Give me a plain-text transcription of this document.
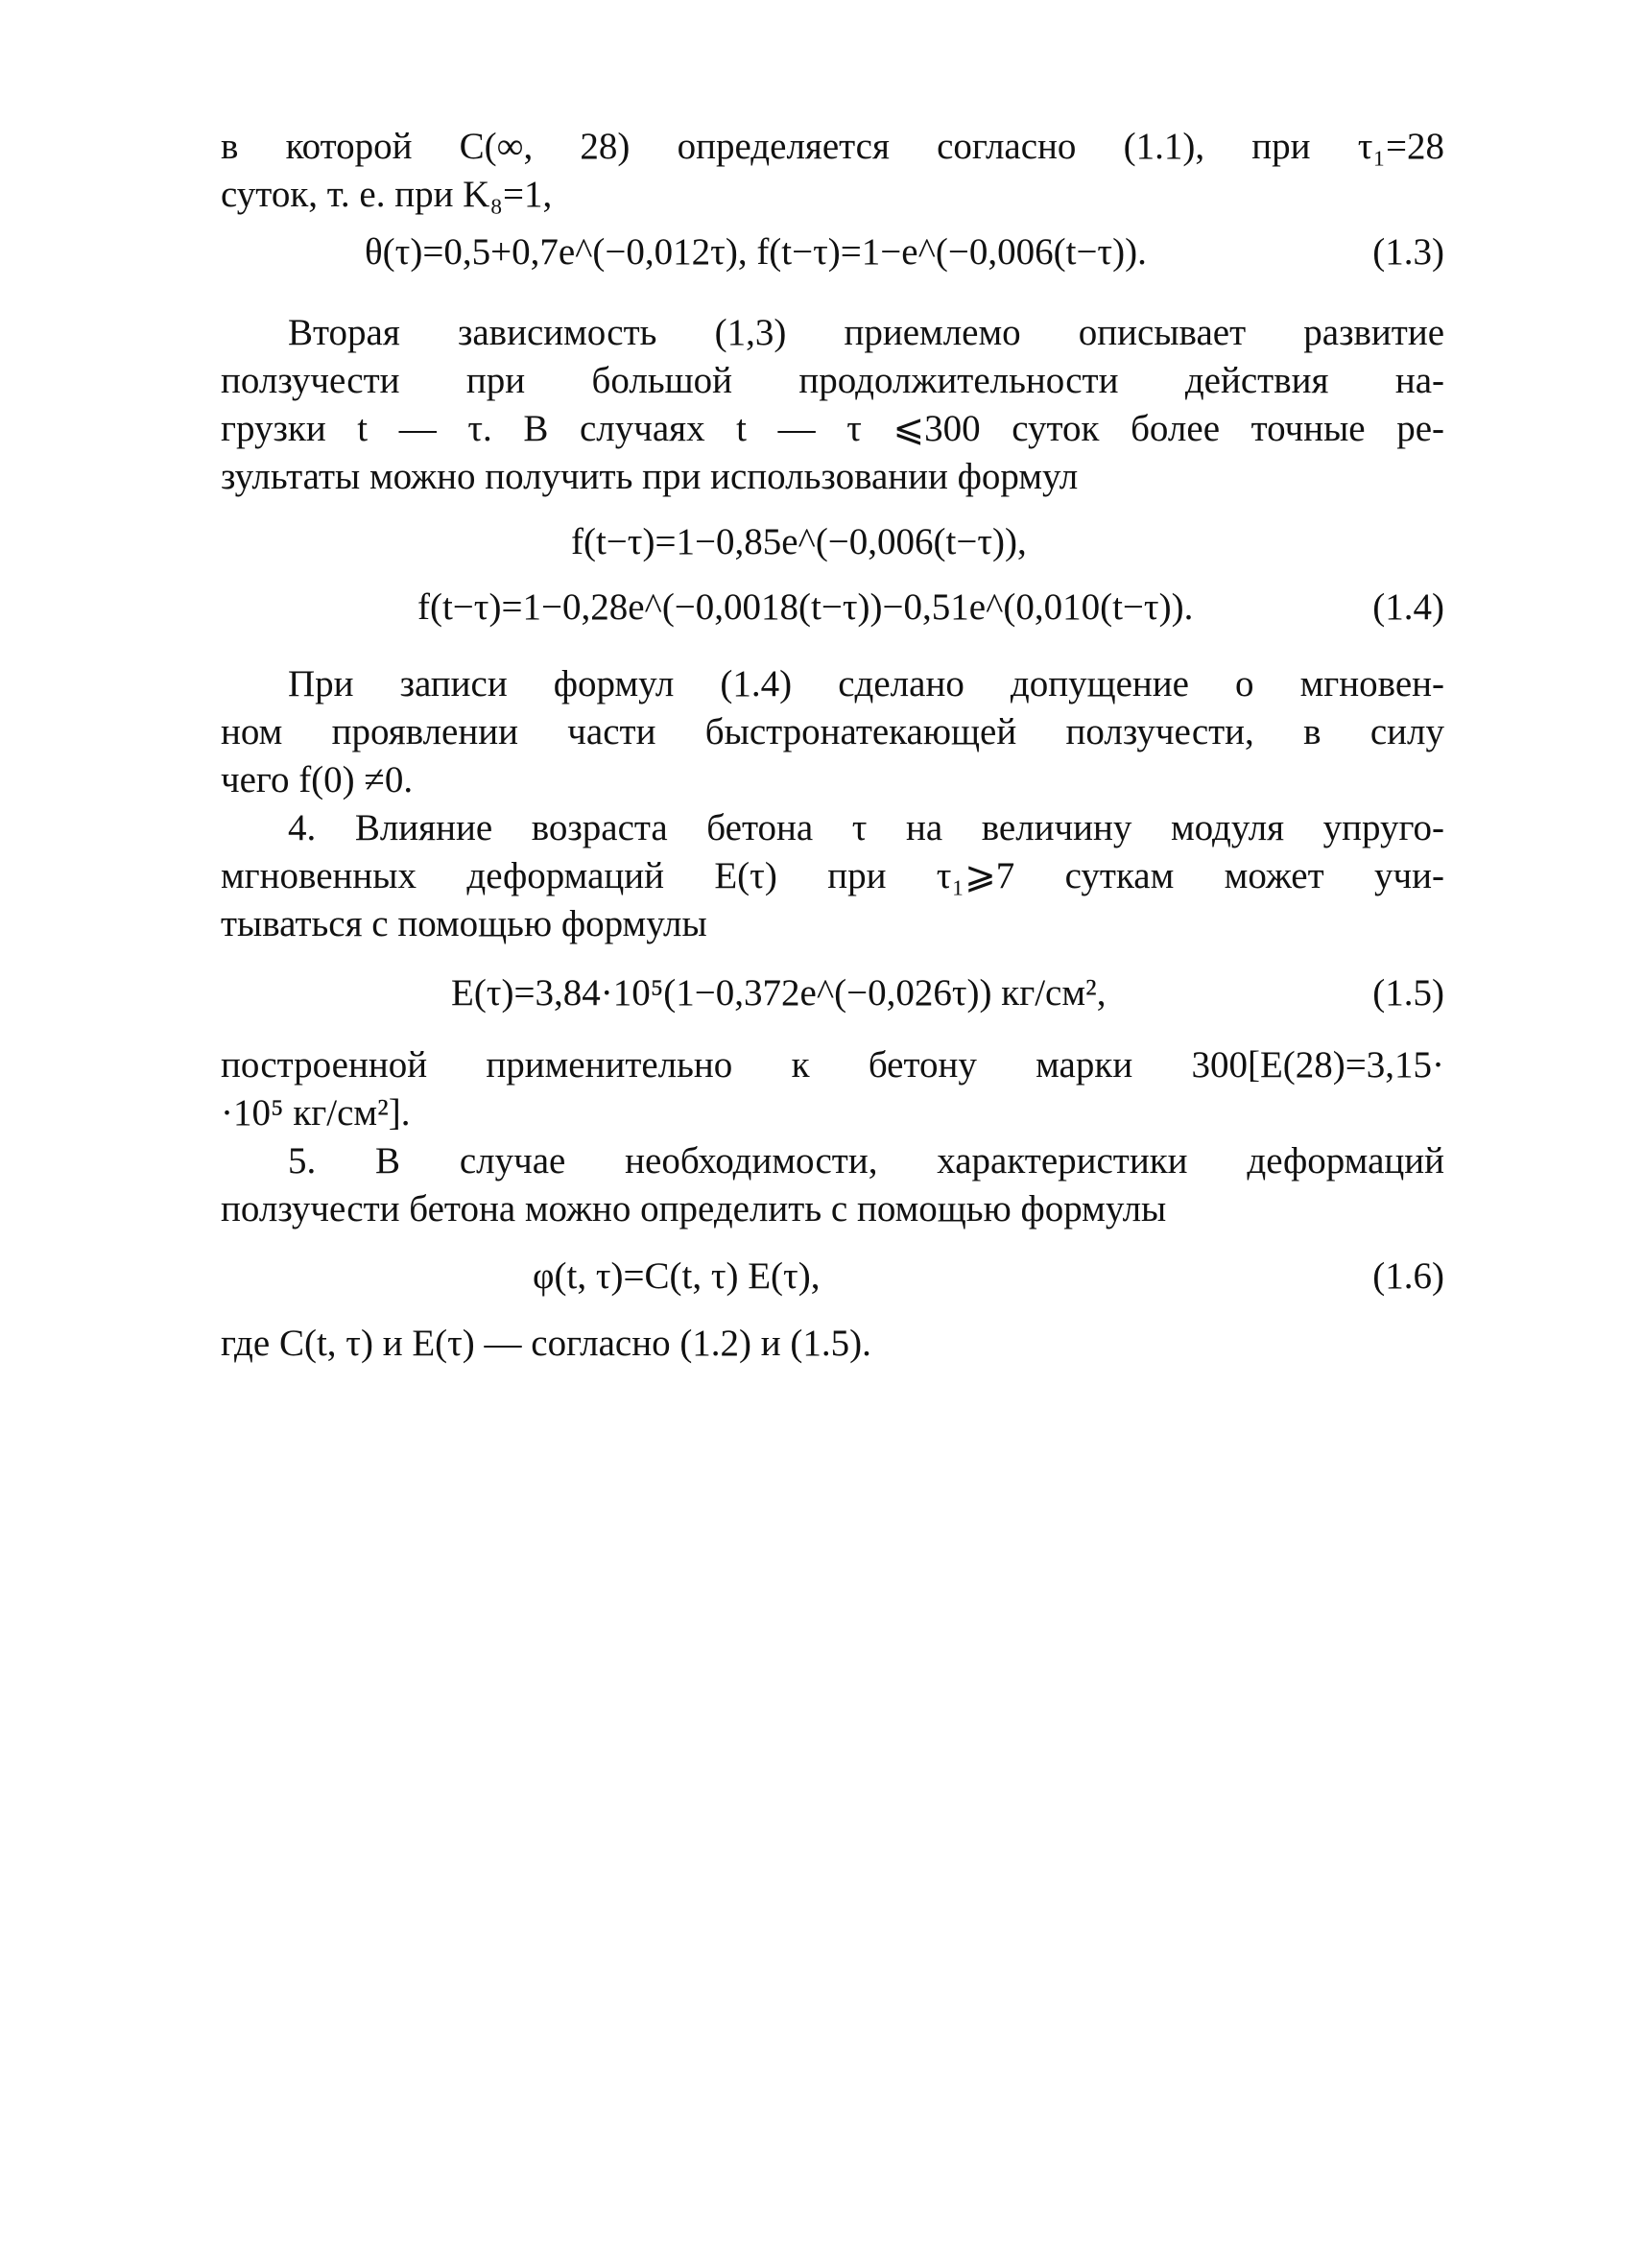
в которой C(∞, 28) определяется согласно (1.1), при τ₁=28
суток, т. е. при K₈=1,
θ(τ)=0,5+0,7e^(−0,012τ), f(t−τ)=1−e^(−0,006(t−τ)).	(1.3)
Вторая зависимость (1,3) приемлемо описывает развитие
ползучести при большой продолжительности действия на-
грузки t — τ. В случаях t — τ ⩽300 суток более точные ре-
зультаты можно получить при использовании формул
f(t−τ)=1−0,85e^(−0,006(t−τ)),
f(t−τ)=1−0,28e^(−0,0018(t−τ))−0,51e^(0,010(t−τ)).	(1.4)
При записи формул (1.4) сделано допущение о мгновен-
ном проявлении части быстронатекающей ползучести, в силу
чего f(0) ≠0.
4. Влияние возраста бетона τ на величину модуля упруго-
мгновенных деформаций E(τ) при τ₁⩾7 суткам может учи-
тываться с помощью формулы
E(τ)=3,84·10⁵(1−0,372e^(−0,026τ)) кг/см²,	(1.5)
построенной применительно к бетону марки 300[E(28)=3,15·
·10⁵ кг/см²].
5. В случае необходимости, характеристики деформаций
ползучести бетона можно определить с помощью формулы
φ(t, τ)=C(t, τ) E(τ),	(1.6)
где C(t, τ) и E(τ) — согласно (1.2) и (1.5).
